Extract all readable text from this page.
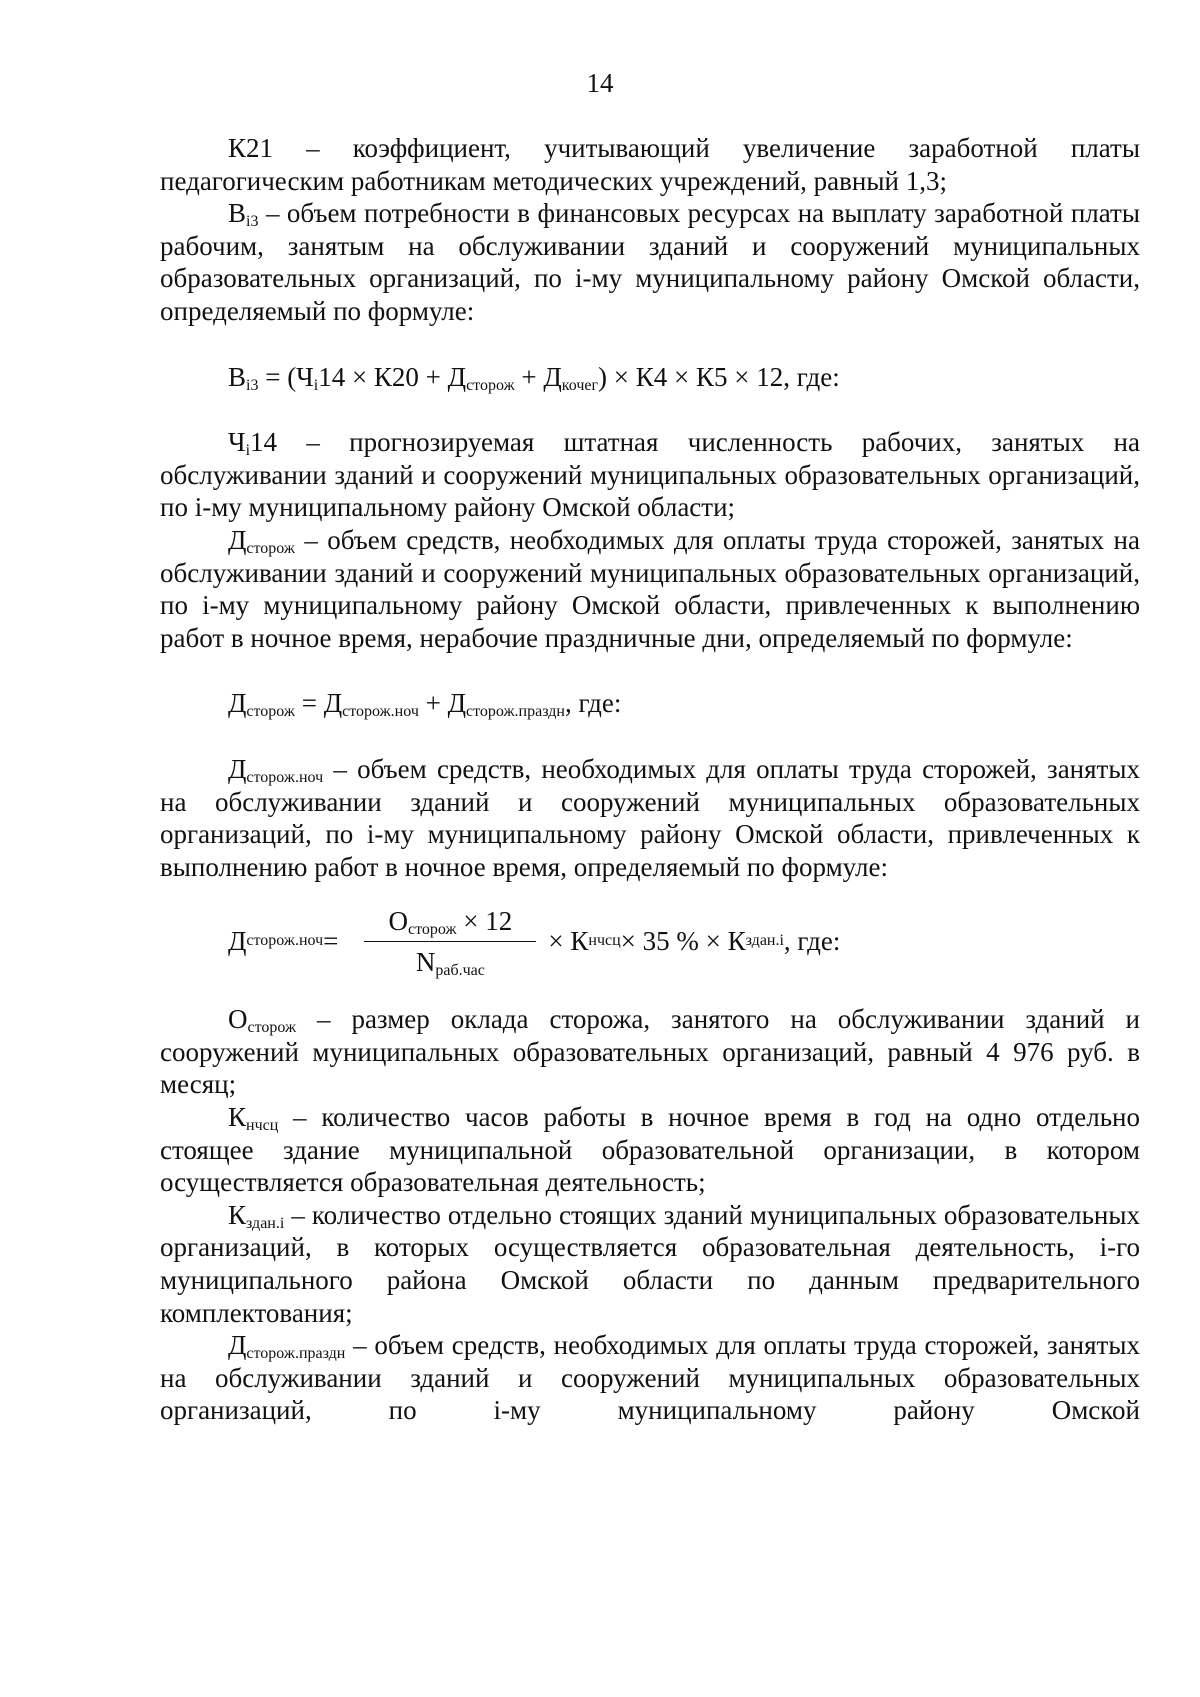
14

К21 – коэффициент, учитывающий увеличение заработной платы педагогическим работникам методических учреждений, равный 1,3;

$В_{i3}$ – объем потребности в финансовых ресурсах на выплату заработной платы рабочим, занятым на обслуживании зданий и сооружений муниципальных образовательных организаций, по i-му муниципальному району Омской области, определяемый по формуле:

$В_{i3} = (Ч_i14 \times К20 + Д_{сторож} + Д_{кочег}) \times К4 \times К5 \times 12$, где:

$Ч_i14$ – прогнозируемая штатная численность рабочих, занятых на обслуживании зданий и сооружений муниципальных образовательных организаций, по i-му муниципальному району Омской области;

$Д_{сторож}$ – объем средств, необходимых для оплаты труда сторожей, занятых на обслуживании зданий и сооружений муниципальных образовательных организаций, по i-му муниципальному району Омской области, привлеченных к выполнению работ в ночное время, нерабочие праздничные дни, определяемый по формуле:

$Д_{сторож} = Д_{сторож.ноч} + Д_{сторож.праздн}$, где:

$Д_{сторож.ноч}$ – объем средств, необходимых для оплаты труда сторожей, занятых на обслуживании зданий и сооружений муниципальных образовательных организаций, по i-му муниципальному району Омской области, привлеченных к выполнению работ в ночное время, определяемый по формуле:

Д сторож.ноч = $\frac{О_{сторож} \times 12}{N_{раб.час}} \times К$ нчсц × 35 % × К здан.i , где:

$О_{сторож}$ – размер оклада сторожа, занятого на обслуживании зданий и сооружений муниципальных образовательных организаций, равный 4 976 руб. в месяц;

$К_{нчсц}$ – количество часов работы в ночное время в год на одно отдельно стоящее здание муниципальной образовательной организации, в котором осуществляется образовательная деятельность;

$К_{здан.i}$ – количество отдельно стоящих зданий муниципальных образовательных организаций, в которых осуществляется образовательная деятельность, i-го муниципального района Омской области по данным предварительного комплектования;

$Д_{сторож.праздн}$ – объем средств, необходимых для оплаты труда сторожей, занятых на обслуживании зданий и сооружений муниципальных образовательных организаций, по i-му муниципальному району Омской
